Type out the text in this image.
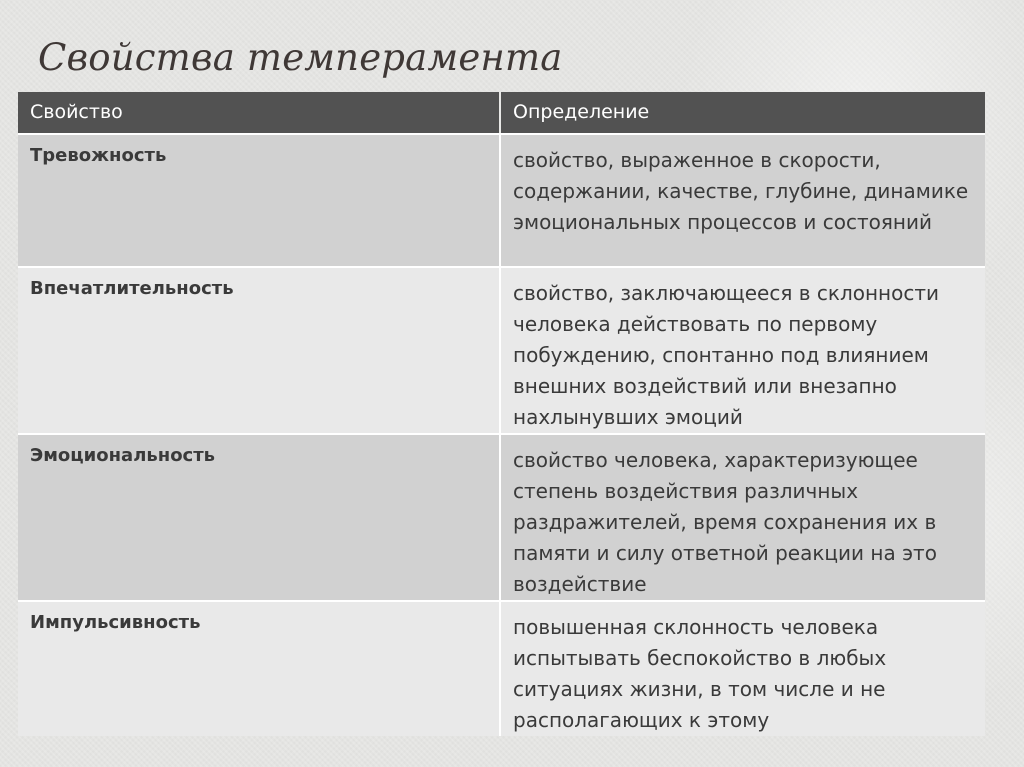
Свойства темперамента
Свойство	Определение
Тревожность	свойство, выраженное в скорости, содержании, качестве, глубине, динамике эмоциональных процессов и состояний
Впечатлительность	свойство, заключающееся в склонности человека действовать по первому побуждению, спонтанно под влиянием внешних воздействий или внезапно нахлынувших эмоций
Эмоциональность	свойство человека, характеризующее степень воздействия различных раздражителей, время сохранения их в памяти и силу ответной реакции на это воздействие
Импульсивность	повышенная склонность человека испытывать беспокойство в любых ситуациях жизни, в том числе и не располагающих к этому
